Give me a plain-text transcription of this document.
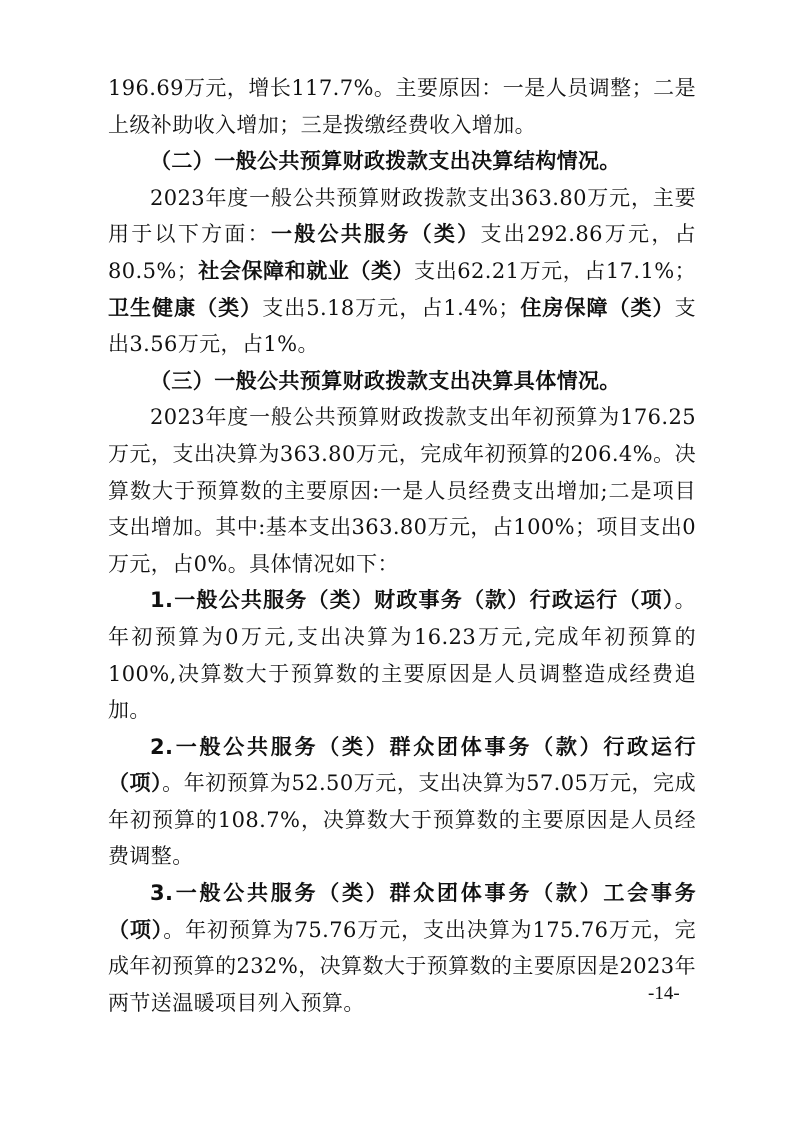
196.69万元，增长117.7%。主要原因：一是人员调整；二是上级补助收入增加；三是拨缴经费收入增加。

（二）一般公共预算财政拨款支出决算结构情况。

2023年度一般公共预算财政拨款支出363.80万元，主要用于以下方面：一般公共服务（类）支出292.86万元，占80.5%；社会保障和就业（类）支出62.21万元，占17.1%；卫生健康（类）支出5.18万元，占1.4%；住房保障（类）支出3.56万元，占1%。

（三）一般公共预算财政拨款支出决算具体情况。

2023年度一般公共预算财政拨款支出年初预算为176.25万元，支出决算为363.80万元，完成年初预算的206.4%。决算数大于预算数的主要原因:一是人员经费支出增加;二是项目支出增加。其中:基本支出363.80万元，占100%；项目支出0万元，占0%。具体情况如下：

1.一般公共服务（类）财政事务（款）行政运行（项）。年初预算为0万元,支出决算为16.23万元,完成年初预算的100%,决算数大于预算数的主要原因是人员调整造成经费追加。

2.一般公共服务（类）群众团体事务（款）行政运行（项）。年初预算为52.50万元，支出决算为57.05万元，完成年初预算的108.7%，决算数大于预算数的主要原因是人员经费调整。

3.一般公共服务（类）群众团体事务（款）工会事务（项）。年初预算为75.76万元，支出决算为175.76万元，完成年初预算的232%，决算数大于预算数的主要原因是2023年两节送温暖项目列入预算。	-14-
